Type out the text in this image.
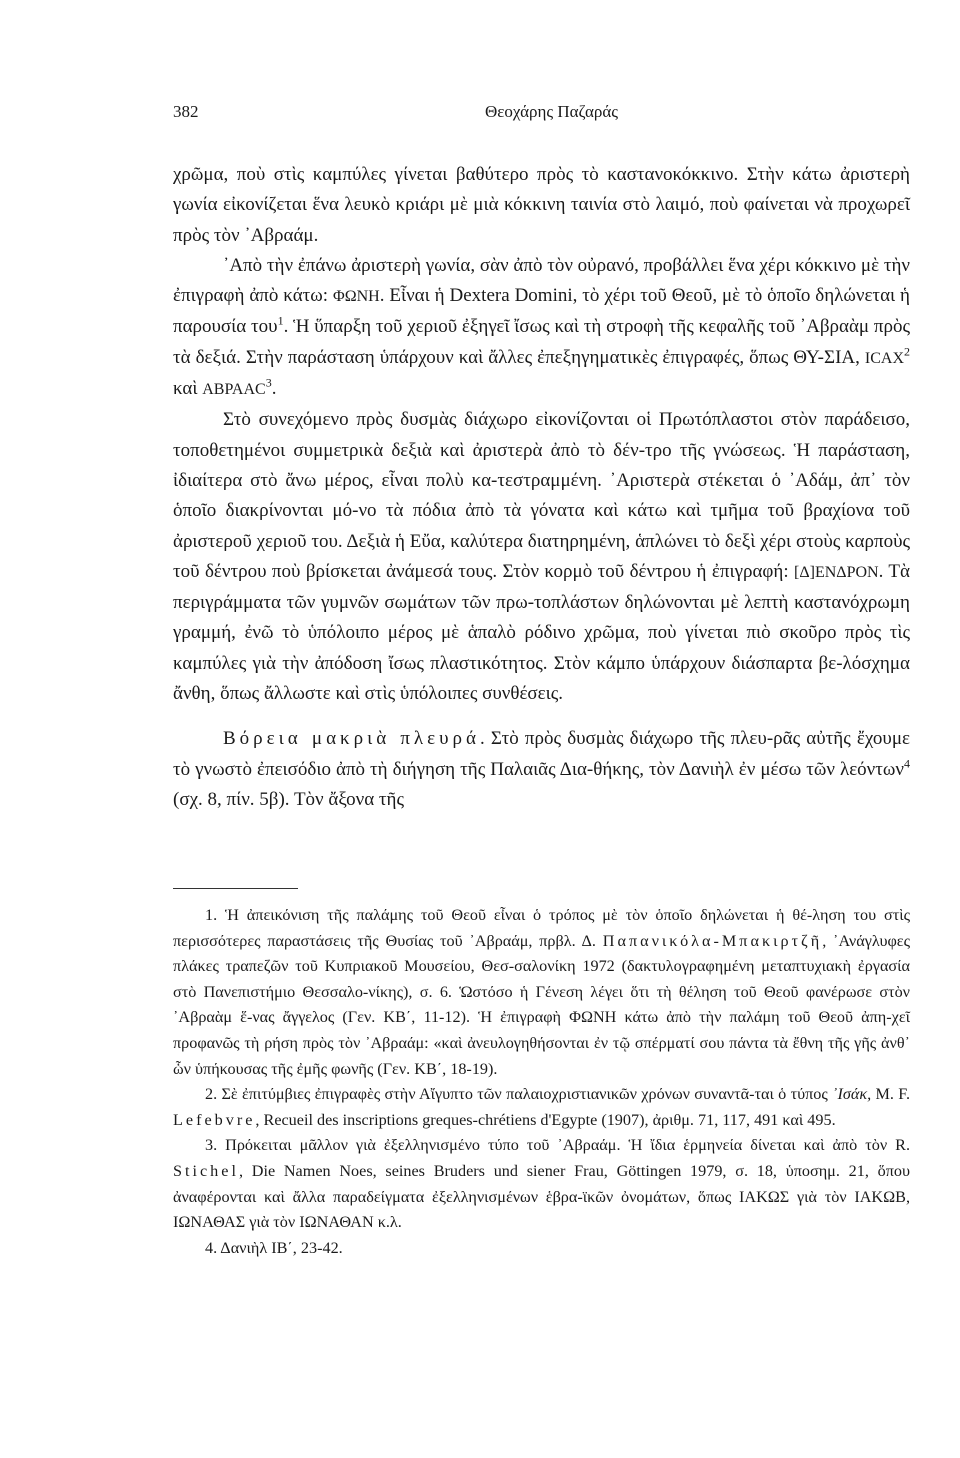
382	Θεοχάρης Παζαράς

χρῶμα, ποὺ στὶς καμπύλες γίνεται βαθύτερο πρὸς τὸ καστανοκόκκινο. Στὴν κάτω ἀριστερὴ γωνία εἰκονίζεται ἕνα λευκὸ κριάρι μὲ μιὰ κόκκινη ταινία στὸ λαιμό, ποὺ φαίνεται νὰ προχωρεῖ πρὸς τὸν ᾿Αβραάμ.

᾿Απὸ τὴν ἐπάνω ἀριστερὴ γωνία, σὰν ἀπὸ τὸν οὐρανό, προβάλλει ἕνα χέρι κόκκινο μὲ τὴν ἐπιγραφὴ ἀπὸ κάτω: ΦΩΝΗ. Εἶναι ἡ Dextera Domini, τὸ χέρι τοῦ Θεοῦ, μὲ τὸ ὁποῖο δηλώνεται ἡ παρουσία του$^1$. Ἡ ὕπαρξη τοῦ χεριοῦ ἐξηγεῖ ἴσως καὶ τὴ στροφὴ τῆς κεφαλῆς τοῦ ᾿Αβραὰμ πρὸς τὰ δεξιά. Στὴν παράσταση ὑπάρχουν καὶ ἄλλες ἐπεξηγηματικὲς ἐπιγραφές, ὅπως ΘΥ-ΣΙΑ, ΙCΑΧ$^2$ καὶ ΑΒΡΑΑC$^3$.

Στὸ συνεχόμενο πρὸς δυσμὰς διάχωρο εἰκονίζονται οἱ Πρωτόπλαστοι στὸν παράδεισο, τοποθετημένοι συμμετρικὰ δεξιὰ καὶ ἀριστερὰ ἀπὸ τὸ δέν-τρο τῆς γνώσεως. Ἡ παράσταση, ἰδιαίτερα στὸ ἄνω μέρος, εἶναι πολὺ κα-τεστραμμένη. ᾿Αριστερὰ στέκεται ὁ ᾿Αδάμ, ἀπ᾿ τὸν ὁποῖο διακρίνονται μό-νο τὰ πόδια ἀπὸ τὰ γόνατα καὶ κάτω καὶ τμῆμα τοῦ βραχίονα τοῦ ἀριστεροῦ χεριοῦ του. Δεξιὰ ἡ Εὔα, καλύτερα διατηρημένη, ἁπλώνει τὸ δεξὶ χέρι στοὺς καρποὺς τοῦ δέντρου ποὺ βρίσκεται ἀνάμεσά τους. Στὸν κορμὸ τοῦ δέντρου ἡ ἐπιγραφή: [Δ]ΕΝΔΡΟΝ. Τὰ περιγράμματα τῶν γυμνῶν σωμάτων τῶν πρω-τοπλάστων δηλώνονται μὲ λεπτὴ καστανόχρωμη γραμμή, ἐνῶ τὸ ὑπόλοιπο μέρος μὲ ἁπαλὸ ρόδινο χρῶμα, ποὺ γίνεται πιὸ σκοῦρο πρὸς τὶς καμπύλες γιὰ τὴν ἀπόδοση ἴσως πλαστικότητος. Στὸν κάμπο ὑπάρχουν διάσπαρτα βε-λόσχημα ἄνθη, ὅπως ἄλλωστε καὶ στὶς ὑπόλοιπες συνθέσεις.

Βόρεια μακριὰ πλευρά. Στὸ πρὸς δυσμὰς διάχωρο τῆς πλευ-ρᾶς αὐτῆς ἔχουμε τὸ γνωστὸ ἐπεισόδιο ἀπὸ τὴ διήγηση τῆς Παλαιᾶς Δια-θήκης, τὸν Δανιὴλ ἐν μέσω τῶν λεόντων$^4$ (σχ. 8, πίν. 5β). Τὸν ἄξονα τῆς

1. Ἡ ἀπεικόνιση τῆς παλάμης τοῦ Θεοῦ εἶναι ὁ τρόπος μὲ τὸν ὁποῖο δηλώνεται ἡ θέ-ληση του στὶς περισσότερες παραστάσεις τῆς Θυσίας τοῦ ᾿Αβραάμ, πρβλ. Δ. Παπανικόλα-Μπακιρτζῆ, ᾿Ανάγλυφες πλάκες τραπεζῶν τοῦ Κυπριακοῦ Μουσείου, Θεσ-σαλονίκη 1972 (δακτυλογραφημένη μεταπτυχιακὴ ἐργασία στὸ Πανεπιστήμιο Θεσσαλο-νίκης), σ. 6. Ὡστόσο ἡ Γένεση λέγει ὅτι τὴ θέληση τοῦ Θεοῦ φανέρωσε στὸν ᾿Αβραὰμ ἕ-νας ἄγγελος (Γεν. ΚΒ΄, 11-12). Ἡ ἐπιγραφὴ ΦΩΝΗ κάτω ἀπὸ τὴν παλάμη τοῦ Θεοῦ ἀπη-χεῖ προφανῶς τὴ ρήση πρὸς τὸν ᾿Αβραάμ: «καὶ ἀνευλογηθήσονται ἐν τῷ σπέρματί σου πάντα τὰ ἔθνη τῆς γῆς ἀνθ᾿ ὧν ὑπήκουσας τῆς ἐμῆς φωνῆς (Γεν. ΚΒ΄, 18-19).

2. Σὲ ἐπιτύμβιες ἐπιγραφὲς στὴν Αἴγυπτο τῶν παλαιοχριστιανικῶν χρόνων συναντᾶ-ται ὁ τύπος ᾿Ισάκ, M. F. Lefebvre, Recueil des inscriptions greques-chrétiens d'Egypte (1907), ἀριθμ. 71, 117, 491 καὶ 495.

3. Πρόκειται μᾶλλον γιὰ ἐξελληνισμένο τύπο τοῦ ᾿Αβραάμ. Ἡ ἴδια ἑρμηνεία δίνεται καὶ ἀπὸ τὸν R. Stichel, Die Namen Noes, seines Bruders und siener Frau, Göttingen 1979, σ. 18, ὑποσημ. 21, ὅπου ἀναφέρονται καὶ ἄλλα παραδείγματα ἐξελληνισμένων ἑβρα-ϊκῶν ὀνομάτων, ὅπως ΙΑΚΩΣ γιὰ τὸν ΙΑΚΩΒ, ΙΩΝΑΘΑΣ γιὰ τὸν ΙΩΝΑΘΑΝ κ.λ.

4. Δανιὴλ ΙΒ΄, 23-42.
